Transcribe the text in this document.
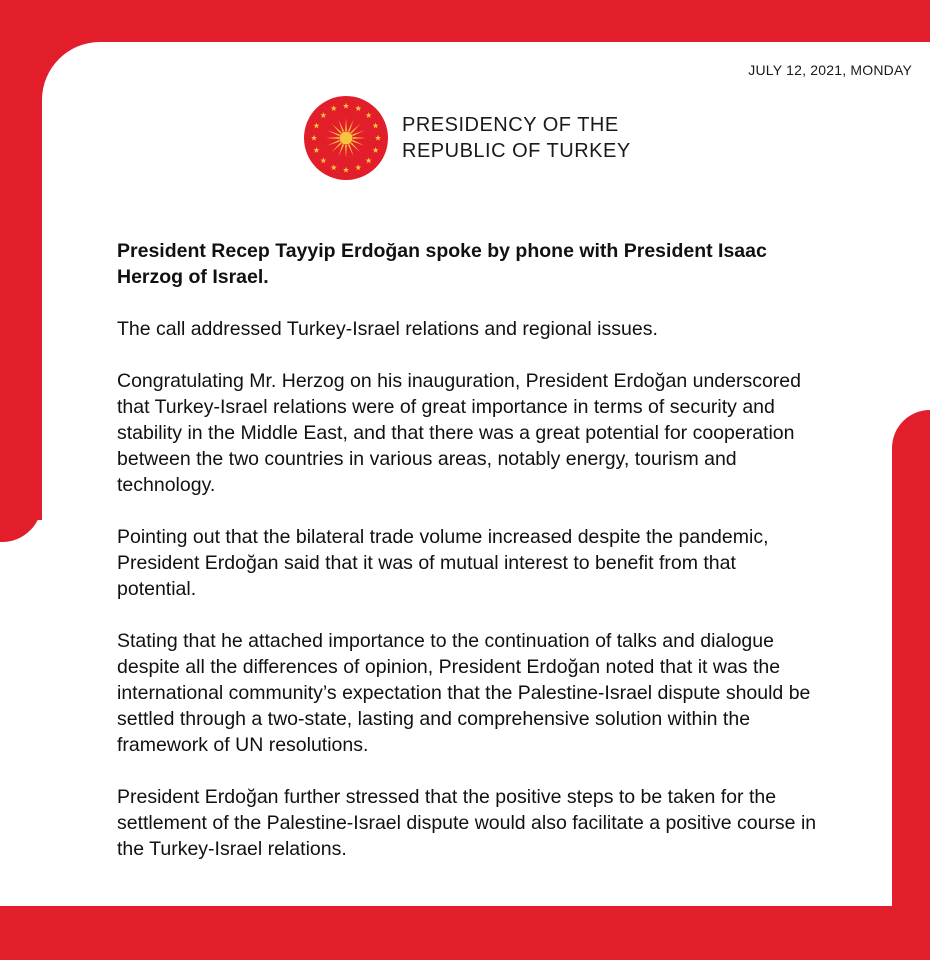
JULY 12, 2021, MONDAY
PRESIDENCY OF THE
REPUBLIC OF TURKEY

President Recep Tayyip Erdoğan spoke by phone with President Isaac Herzog of Israel.

The call addressed Turkey-Israel relations and regional issues.

Congratulating Mr. Herzog on his inauguration, President Erdoğan underscored that Turkey-Israel relations were of great importance in terms of security and stability in the Middle East, and that there was a great potential for cooperation between the two countries in various areas, notably energy, tourism and technology.

Pointing out that the bilateral trade volume increased despite the pandemic, President Erdoğan said that it was of mutual interest to benefit from that potential.

Stating that he attached importance to the continuation of talks and dialogue despite all the differences of opinion, President Erdoğan noted that it was the international community’s expectation that the Palestine-Israel dispute should be settled through a two-state, lasting and comprehensive solution within the framework of UN resolutions.

President Erdoğan further stressed that the positive steps to be taken for the settlement of the Palestine-Israel dispute would also facilitate a positive course in the Turkey-Israel relations.
